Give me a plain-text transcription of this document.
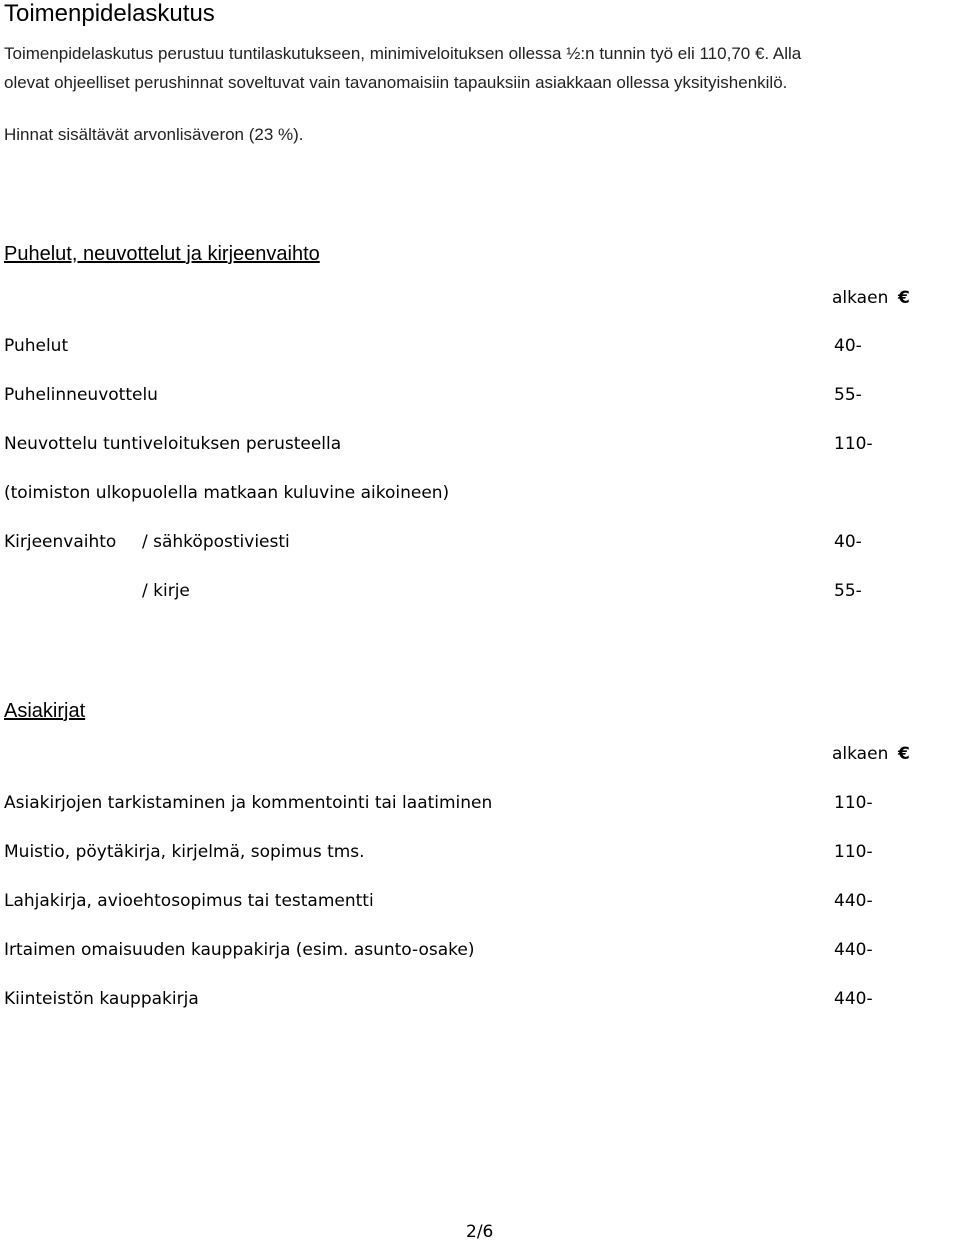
Toimenpidelaskutus
Toimenpidelaskutus perustuu tuntilaskutukseen, minimiveloituksen ollessa ½:n tunnin työ eli 110,70 €. Alla
olevat ohjeelliset perushinnat soveltuvat vain tavanomaisiin tapauksiin asiakkaan ollessa yksityishenkilö.
Hinnat sisältävät arvonlisäveron (23 %).
Puhelut, neuvottelut ja kirjeenvaihto
alkaen €
Puhelut	40-
Puhelinneuvottelu	55-
Neuvottelu tuntiveloituksen perusteella	110-
(toimiston ulkopuolella matkaan kuluvine aikoineen)
Kirjeenvaihto / sähköpostiviesti	40-
/ kirje	55-
Asiakirjat
alkaen €
Asiakirjojen tarkistaminen ja kommentointi tai laatiminen	110-
Muistio, pöytäkirja, kirjelmä, sopimus tms.	110-
Lahjakirja, avioehtosopimus tai testamentti	440-
Irtaimen omaisuuden kauppakirja (esim. asunto-osake)	440-
Kiinteistön kauppakirja	440-
2/6
